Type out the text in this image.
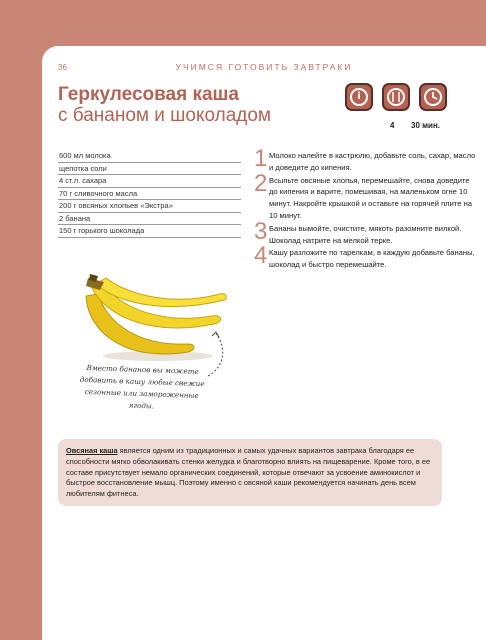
36	УЧИМСЯ ГОТОВИТЬ ЗАВТРАКИ
Геркулесовая каша
с бананом и шоколадом
i
4 30 мин.
600 мл молока
щепотка соли
4 ст.л. сахара
70 г сливочного масла
200 г овсяных хлопьев «Экстра»
2 банана
150 г горького шоколада
1 Молоко налейте в кастрюлю, добавьте соль, сахар, масло и доведите до кипения.
2 Всыпьте овсяные хлопья, перемешайте, снова доведите до кипения и варите, помешивая, на маленьком огне 10 минут. Накройте крышкой и оставьте на горячей плите на 10 минут.
3 Бананы вымойте, очистите, мякоть разомните вилкой. Шоколад натрите на мелкой терке.
4 Кашу разложите по тарелкам, в каждую добавьте бананы, шоколад и быстро перемешайте.
Вместо бананов вы можете добавить в кашу любые свежие сезонные или замороженные ягоды.

Овсяная каша является одним из традиционных и самых удачных вариантов завтрака благодаря ее способности мягко обволакивать стенки желудка и благотворно влиять на пищеварение. Кроме того, в ее составе присутствует немало органических соединений, которые отвечают за усвоение аминокислот и быстрое восстановление мышц. Поэтому именно с овсяной каши рекомендуется начинать день всем любителям фитнеса.
